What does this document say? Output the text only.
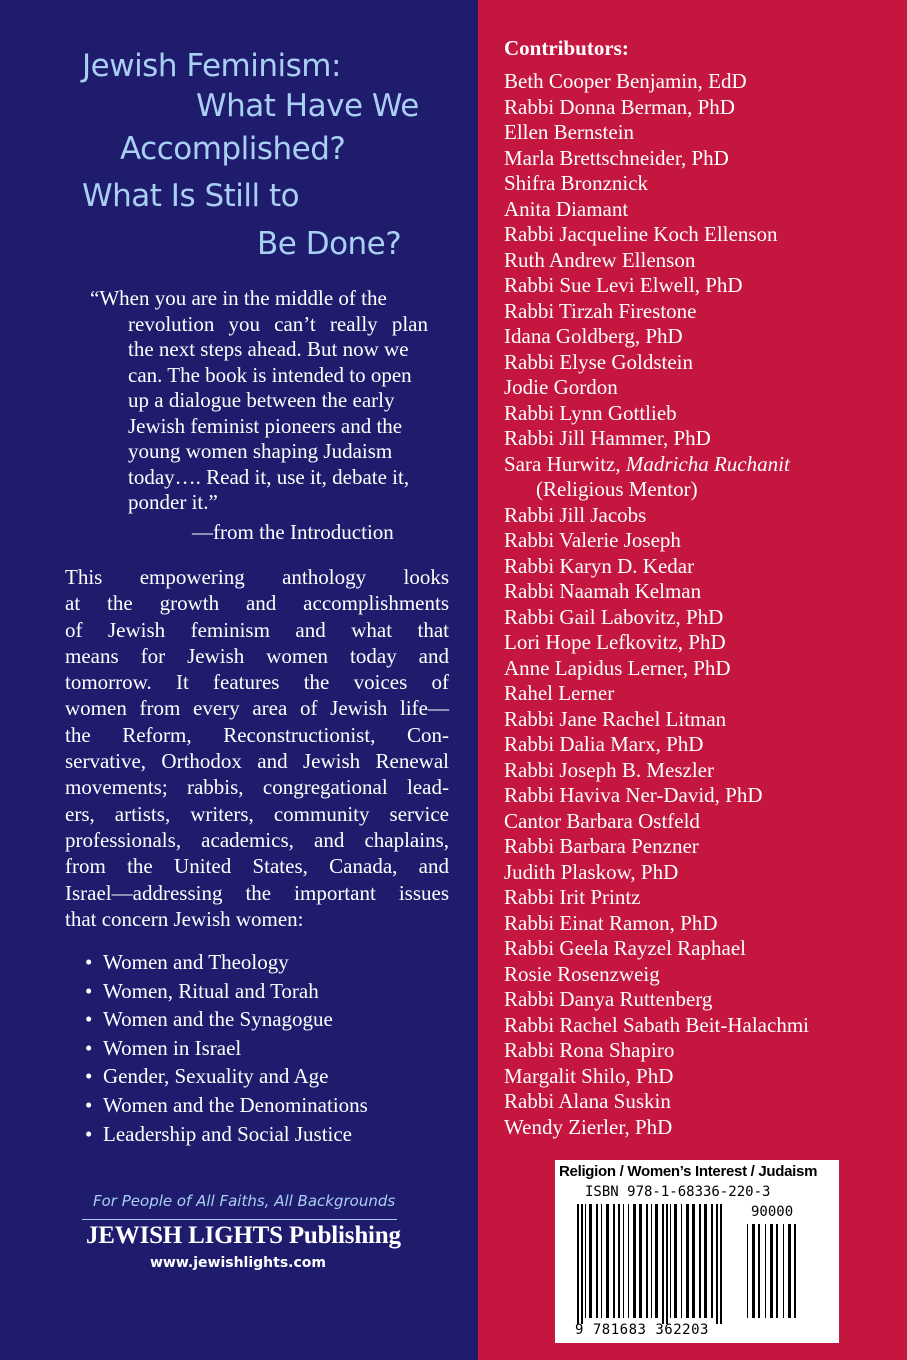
Jewish Feminism:
What Have We
Accomplished?
What Is Still to
Be Done?
“When you are in the middle of the
revolution you can’t really plan
the next steps ahead. But now we
can. The book is intended to open
up a dialogue between the early
Jewish feminist pioneers and the
young women shaping Judaism
today…. Read it, use it, debate it,
ponder it.”
—from the Introduction
This empowering anthology looks
at the growth and accomplishments
of Jewish feminism and what that
means for Jewish women today and
tomorrow. It features the voices of
women from every area of Jewish life—
the Reform, Reconstructionist, Con-
servative, Orthodox and Jewish Renewal
movements; rabbis, congregational lead-
ers, artists, writers, community service
professionals, academics, and chaplains,
from the United States, Canada, and
Israel—addressing the important issues
that concern Jewish women:
• Women and Theology
• Women, Ritual and Torah
• Women and the Synagogue
• Women in Israel
• Gender, Sexuality and Age
• Women and the Denominations
• Leadership and Social Justice
For People of All Faiths, All Backgrounds
JEWISH LIGHTS Publishing
www.jewishlights.com
Contributors:
Beth Cooper Benjamin, EdD
Rabbi Donna Berman, PhD
Ellen Bernstein
Marla Brettschneider, PhD
Shifra Bronznick
Anita Diamant
Rabbi Jacqueline Koch Ellenson
Ruth Andrew Ellenson
Rabbi Sue Levi Elwell, PhD
Rabbi Tirzah Firestone
Idana Goldberg, PhD
Rabbi Elyse Goldstein
Jodie Gordon
Rabbi Lynn Gottlieb
Rabbi Jill Hammer, PhD
Sara Hurwitz, Madricha Ruchanit
(Religious Mentor)
Rabbi Jill Jacobs
Rabbi Valerie Joseph
Rabbi Karyn D. Kedar
Rabbi Naamah Kelman
Rabbi Gail Labovitz, PhD
Lori Hope Lefkovitz, PhD
Anne Lapidus Lerner, PhD
Rahel Lerner
Rabbi Jane Rachel Litman
Rabbi Dalia Marx, PhD
Rabbi Joseph B. Meszler
Rabbi Haviva Ner-David, PhD
Cantor Barbara Ostfeld
Rabbi Barbara Penzner
Judith Plaskow, PhD
Rabbi Irit Printz
Rabbi Einat Ramon, PhD
Rabbi Geela Rayzel Raphael
Rosie Rosenzweig
Rabbi Danya Ruttenberg
Rabbi Rachel Sabath Beit-Halachmi
Rabbi Rona Shapiro
Margalit Shilo, PhD
Rabbi Alana Suskin
Wendy Zierler, PhD
Religion / Women’s Interest / Judaism
ISBN 978-1-68336-220-3
90000
9 781683 362203
